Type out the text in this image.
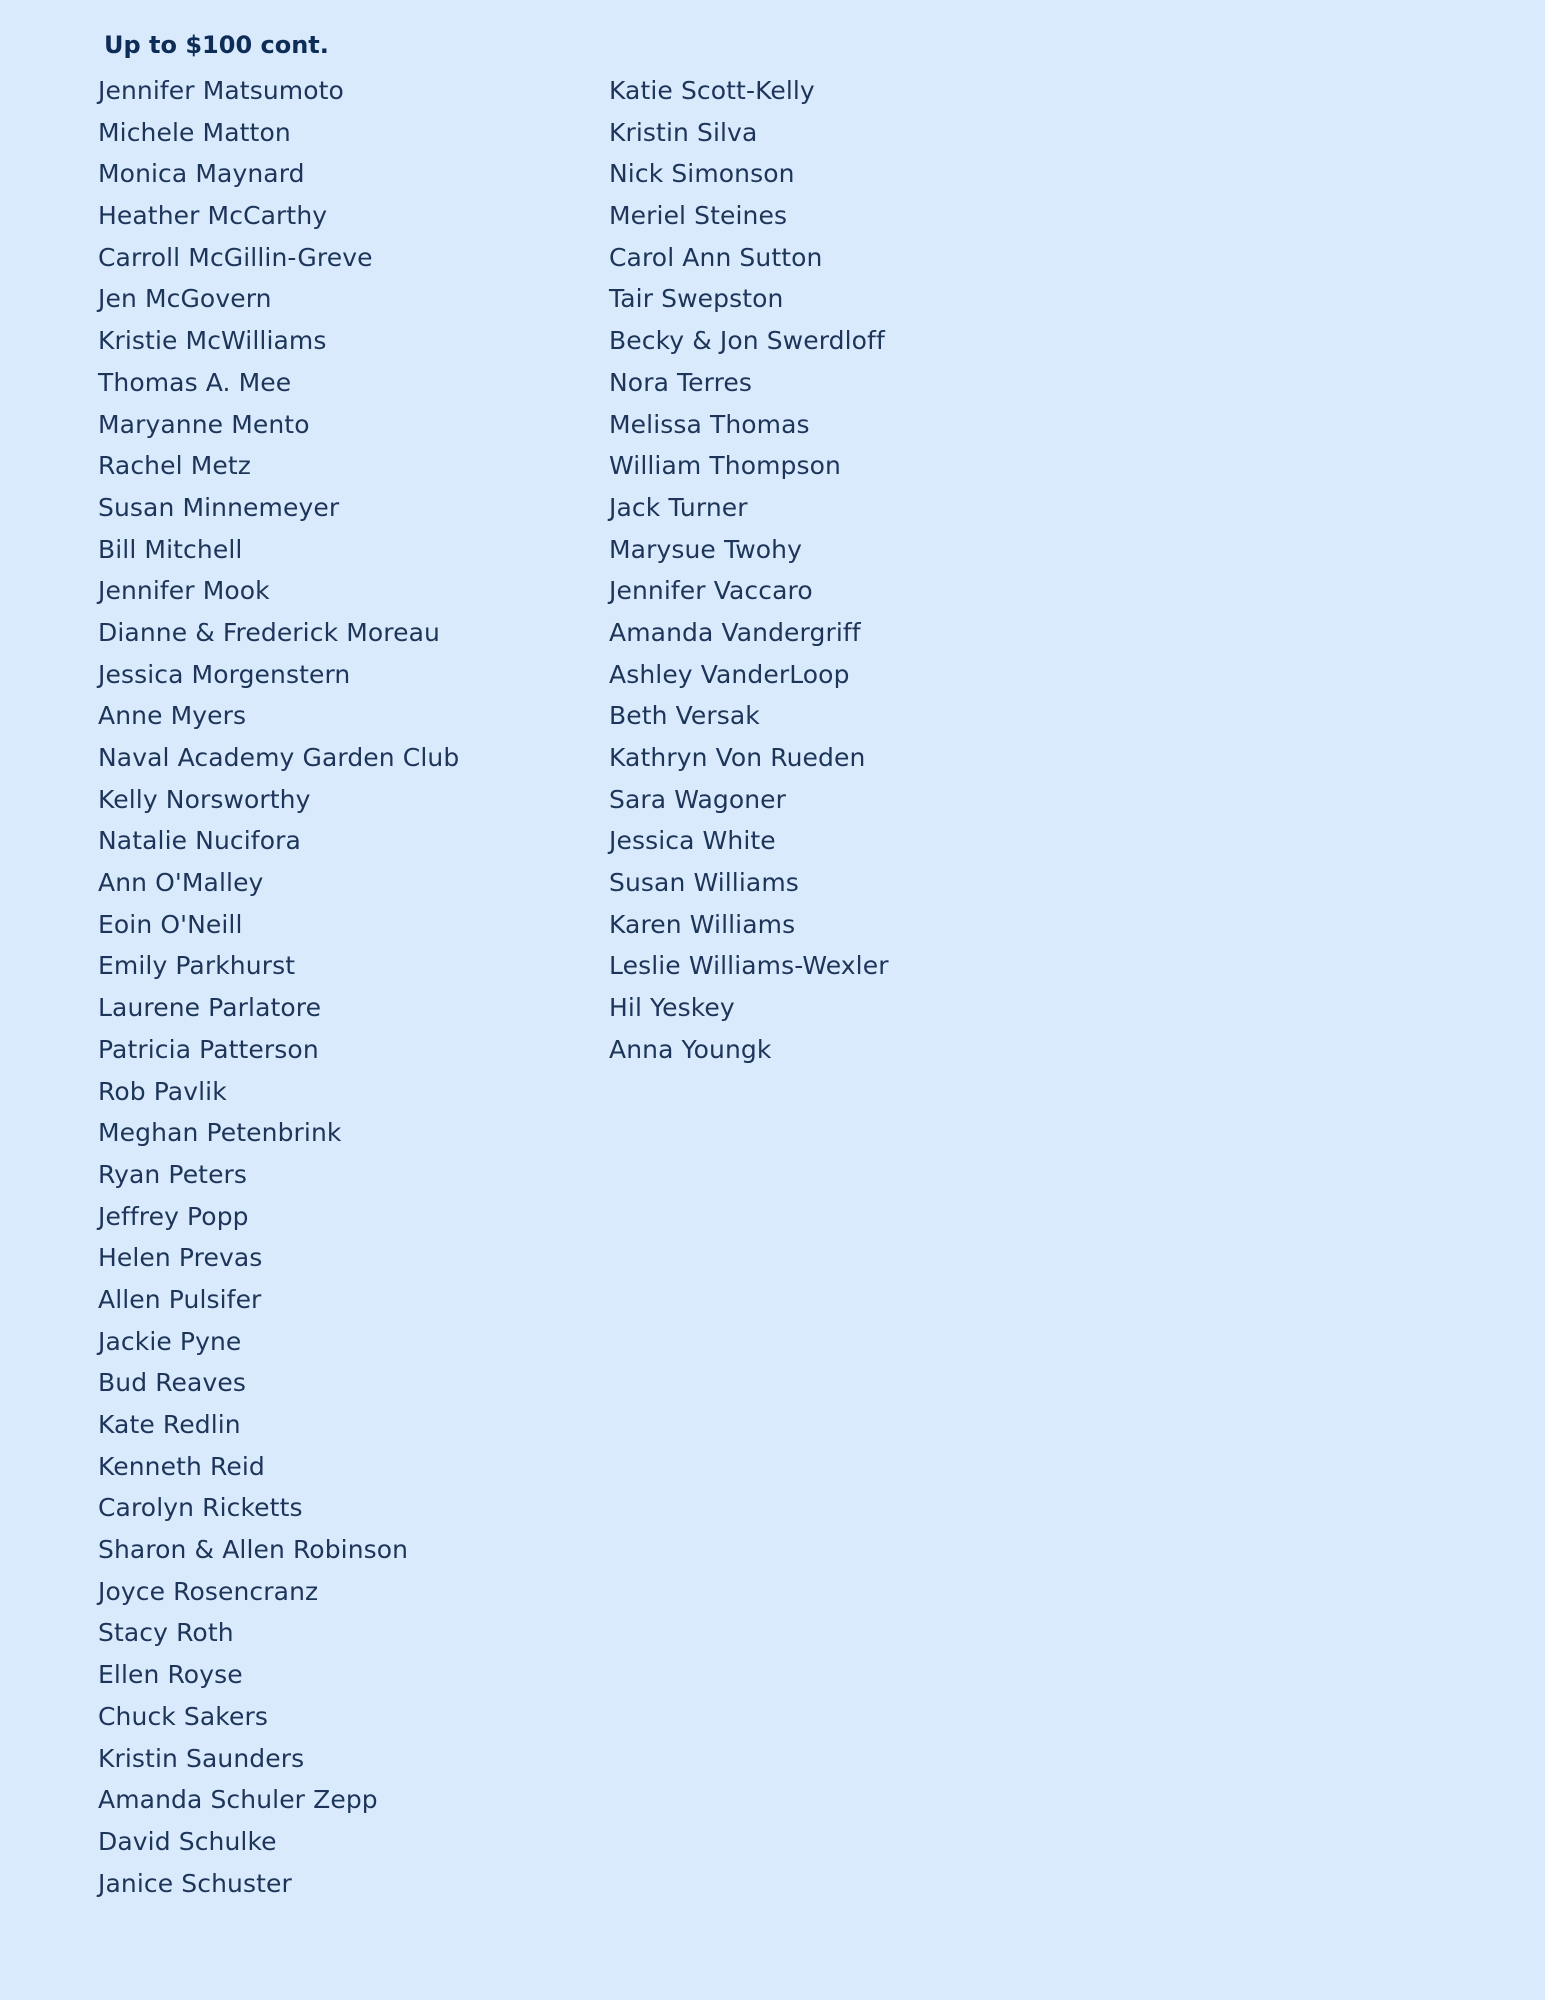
Up to $100 cont.
Jennifer Matsumoto
Michele Matton
Monica Maynard
Heather McCarthy
Carroll McGillin-Greve
Jen McGovern
Kristie McWilliams
Thomas A. Mee
Maryanne Mento
Rachel Metz
Susan Minnemeyer
Bill Mitchell
Jennifer Mook
Dianne & Frederick Moreau
Jessica Morgenstern
Anne Myers
Naval Academy Garden Club
Kelly Norsworthy
Natalie Nucifora
Ann O'Malley
Eoin O'Neill
Emily Parkhurst
Laurene Parlatore
Patricia Patterson
Rob Pavlik
Meghan Petenbrink
Ryan Peters
Jeffrey Popp
Helen Prevas
Allen Pulsifer
Jackie Pyne
Bud Reaves
Kate Redlin
Kenneth Reid
Carolyn Ricketts
Sharon & Allen Robinson
Joyce Rosencranz
Stacy Roth
Ellen Royse
Chuck Sakers
Kristin Saunders
Amanda Schuler Zepp
David Schulke
Janice Schuster
Katie Scott-Kelly
Kristin Silva
Nick Simonson
Meriel Steines
Carol Ann Sutton
Tair Swepston
Becky & Jon Swerdloff
Nora Terres
Melissa Thomas
William Thompson
Jack Turner
Marysue Twohy
Jennifer Vaccaro
Amanda Vandergriff
Ashley VanderLoop
Beth Versak
Kathryn Von Rueden
Sara Wagoner
Jessica White
Susan Williams
Karen Williams
Leslie Williams-Wexler
Hil Yeskey
Anna Youngk
